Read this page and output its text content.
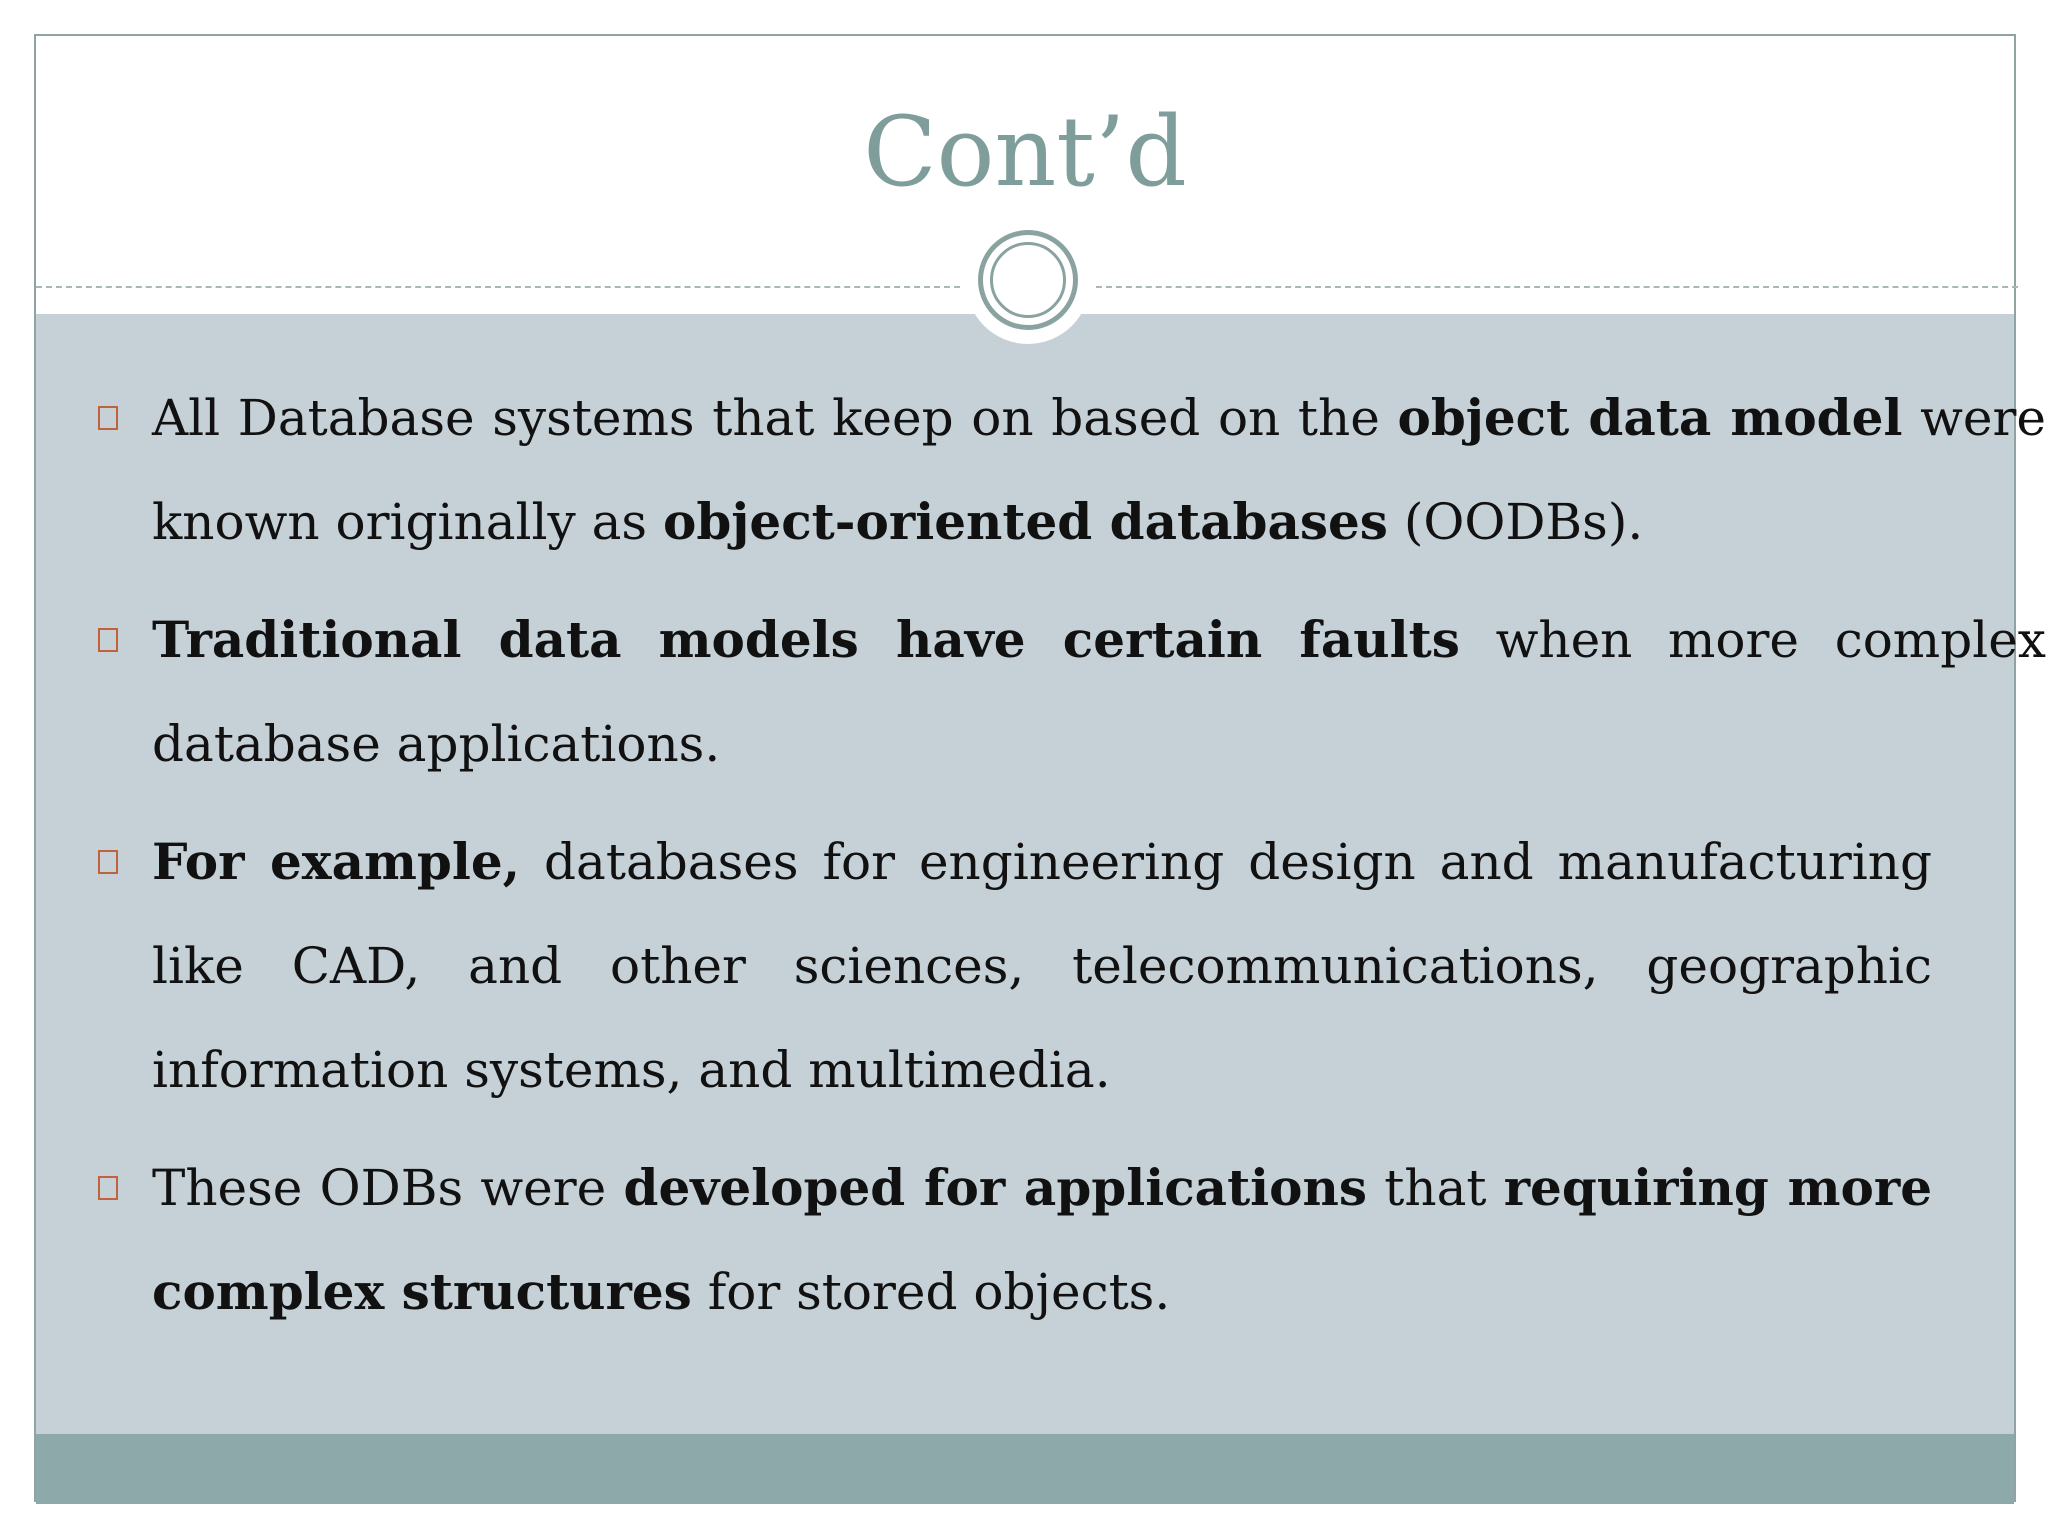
Cont’d
All Database systems that keep on based on the object data model were known originally as object-oriented databases (OODBs).
Traditional data models have certain faults when more complex database applications.
For example, databases for engineering design and manufacturing like CAD, and other sciences, telecommunications, geographic information systems, and multimedia.
These ODBs were developed for applications that requiring more complex structures for stored objects.
